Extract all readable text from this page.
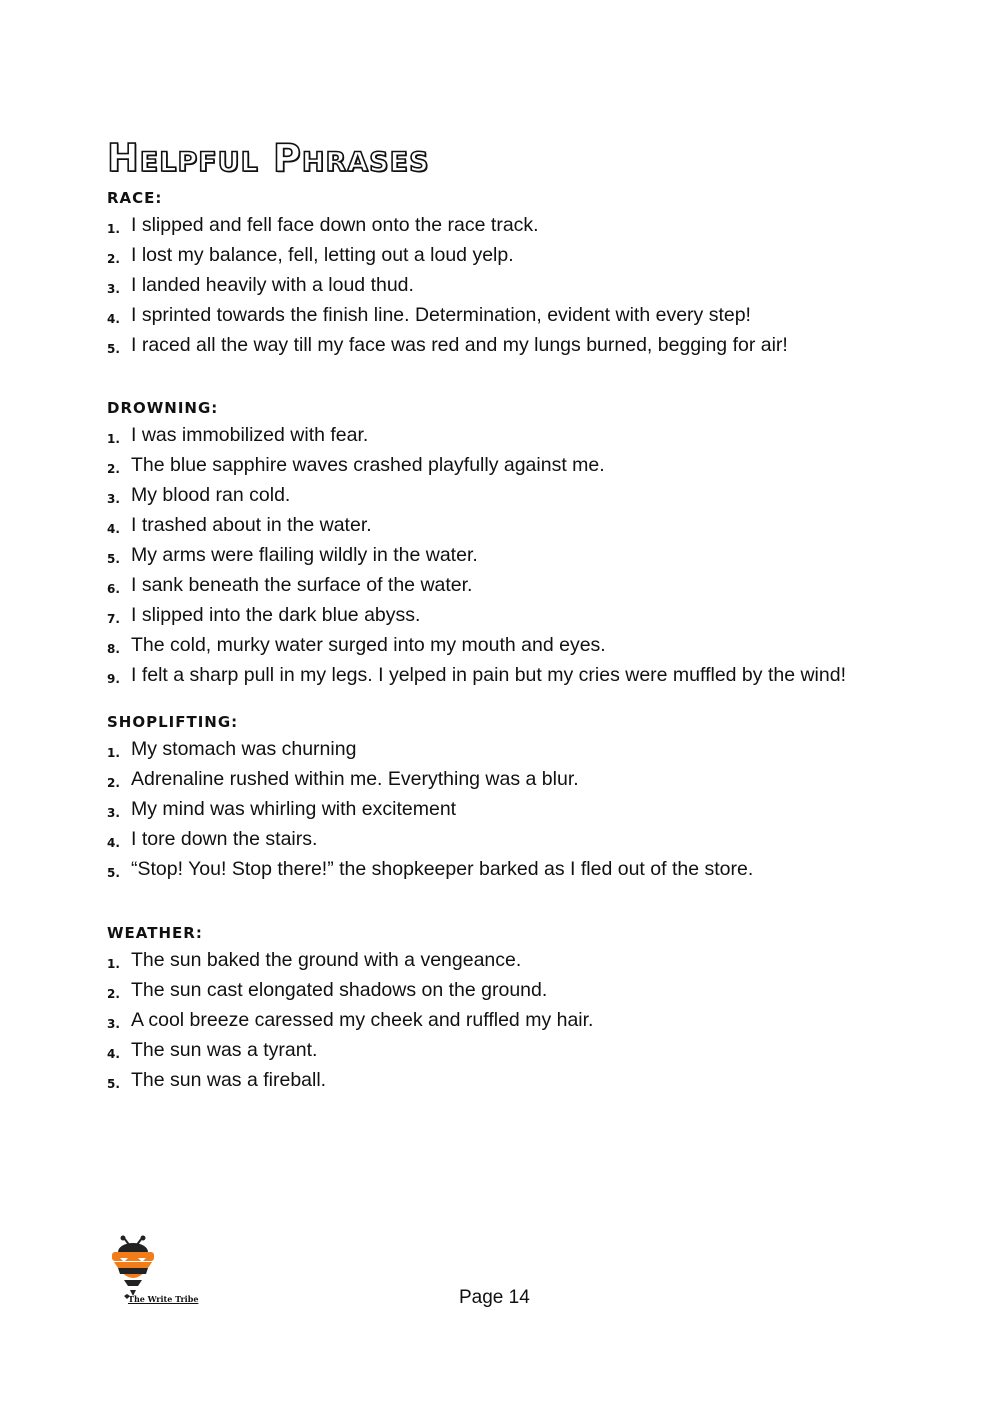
Helpful Phrases
RACE:
1. I slipped and fell face down onto the race track.
2. I lost my balance, fell, letting out a loud yelp.
3. I landed heavily with a loud thud.
4. I sprinted towards the finish line. Determination, evident with every step!
5. I raced all the way till my face was red and my lungs burned, begging for air!
DROWNING:
1. I was immobilized with fear.
2. The blue sapphire waves crashed playfully against me.
3. My blood ran cold.
4. I trashed about in the water.
5. My arms were flailing wildly in the water.
6. I sank beneath the surface of the water.
7. I slipped into the dark blue abyss.
8. The cold, murky water surged into my mouth and eyes.
9. I felt a sharp pull in my legs. I yelped in pain but my cries were muffled by the wind!
SHOPLIFTING:
1. My stomach was churning
2. Adrenaline rushed within me. Everything was a blur.
3. My mind was whirling with excitement
4. I tore down the stairs.
5. “Stop! You! Stop there!” the shopkeeper barked as I fled out of the store.
WEATHER:
1. The sun baked the ground with a vengeance.
2. The sun cast elongated shadows on the ground.
3. A cool breeze caressed my cheek and ruffled my hair.
4. The sun was a tyrant.
5. The sun was a fireball.
The Write Tribe	Page 14
